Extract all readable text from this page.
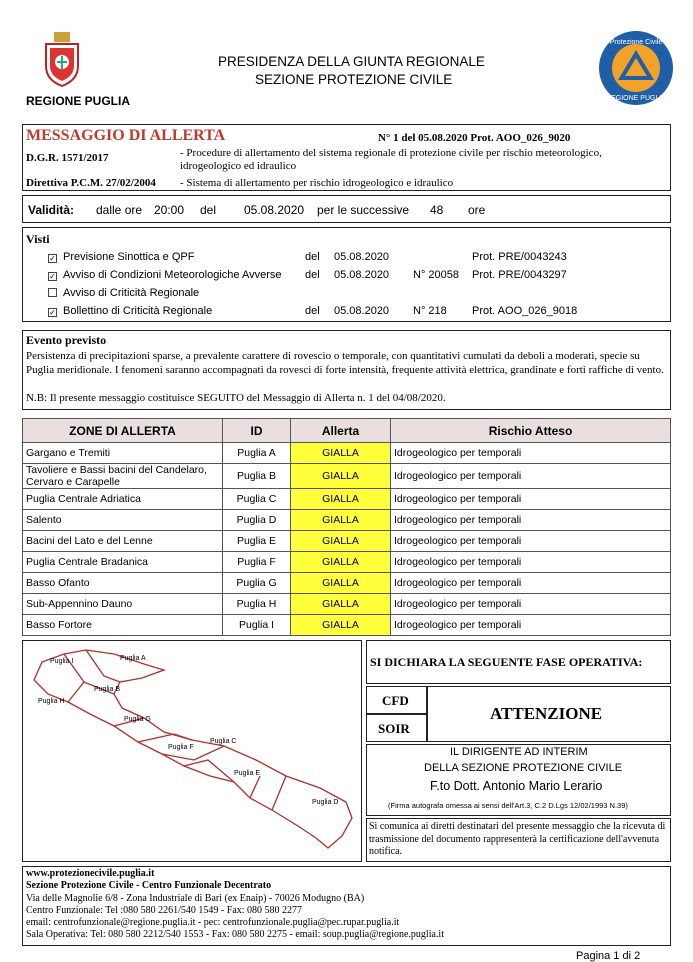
REGIONE PUGLIA
PRESIDENZA DELLA GIUNTA REGIONALE
SEZIONE PROTEZIONE CIVILE
Protezione Civile
REGIONE PUGLIA
MESSAGGIO DI ALLERTA	N° 1 del 05.08.2020 Prot. AOO_026_9020
D.G.R. 1571/2017	- Procedure di allertamento del sistema regionale di protezione civile per rischio meteorologico, idrogeologico ed idraulico
Direttiva P.C.M. 27/02/2004 - Sistema di allertamento per rischio idrogeologico e idraulico
Validità: dalle ore 20:00 del 05.08.2020 per le successive 48 ore
Visti
✓ Previsione Sinottica e QPF	del 05.08.2020	Prot. PRE/0043243
✓ Avviso di Condizioni Meteorologiche Avverse del 05.08.2020 N° 20058 Prot. PRE/0043297
Avviso di Criticità Regionale
✓ Bollettino di Criticità Regionale	del 05.08.2020 N° 218 Prot. AOO_026_9018
Evento previsto
Persistenza di precipitazioni sparse, a prevalente carattere di rovescio o temporale, con quantitativi cumulati da deboli a moderati, specie su Puglia meridionale. I fenomeni saranno accompagnati da rovesci di forte intensità, frequente attività elettrica, grandinate e forti raffiche di vento.
N.B: Il presente messaggio costituisce SEGUITO del Messaggio di Allerta n. 1 del 04/08/2020.
ZONE DI ALLERTA	ID	Allerta	Rischio Atteso
Gargano e Tremiti	Puglia A	GIALLA	Idrogeologico per temporali
Tavoliere e Bassi bacini del Candelaro, Cervaro e Carapelle	Puglia B	GIALLA	Idrogeologico per temporali
Puglia Centrale Adriatica	Puglia C	GIALLA	Idrogeologico per temporali
Salento	Puglia D	GIALLA	Idrogeologico per temporali
Bacini del Lato e del Lenne	Puglia E	GIALLA	Idrogeologico per temporali
Puglia Centrale Bradanica	Puglia F	GIALLA	Idrogeologico per temporali
Basso Ofanto	Puglia G	GIALLA	Idrogeologico per temporali
Sub-Appennino Dauno	Puglia H	GIALLA	Idrogeologico per temporali
Basso Fortore	Puglia I	GIALLA	Idrogeologico per temporali
Puglia I	Puglia A
Puglia B
Puglia H
Puglia G
Puglia C
Puglia F
Puglia E
Puglia D
SI DICHIARA LA SEGUENTE FASE OPERATIVA:
CFD
SOIR
ATTENZIONE
IL DIRIGENTE AD INTERIM
DELLA SEZIONE PROTEZIONE CIVILE
F.to Dott. Antonio Mario Lerario
(Firma autografa omessa ai sensi dell'Art.3, C.2 D.Lgs 12/02/1993 N.39)
Si comunica ai diretti destinatari del presente messaggio che la ricevuta di trasmissione del documento rappresenterà la certificazione dell'avvenuta notifica.
www.protezionecivile.puglia.it
Sezione Protezione Civile - Centro Funzionale Decentrato
Via delle Magnolie 6/8 - Zona Industriale di Bari (ex Enaip) - 70026 Modugno (BA)
Centro Funzionale: Tel :080 580 2261/540 1549 - Fax: 080 580 2277
email: centrofunzionale@regione.puglia.it - pec: centrofunzionale.puglia@pec.rupar.puglia.it
Sala Operativa: Tel: 080 580 2212/540 1553 - Fax: 080 580 2275 - email: soup.puglia@regione.puglia.it
Pagina 1 di 2
